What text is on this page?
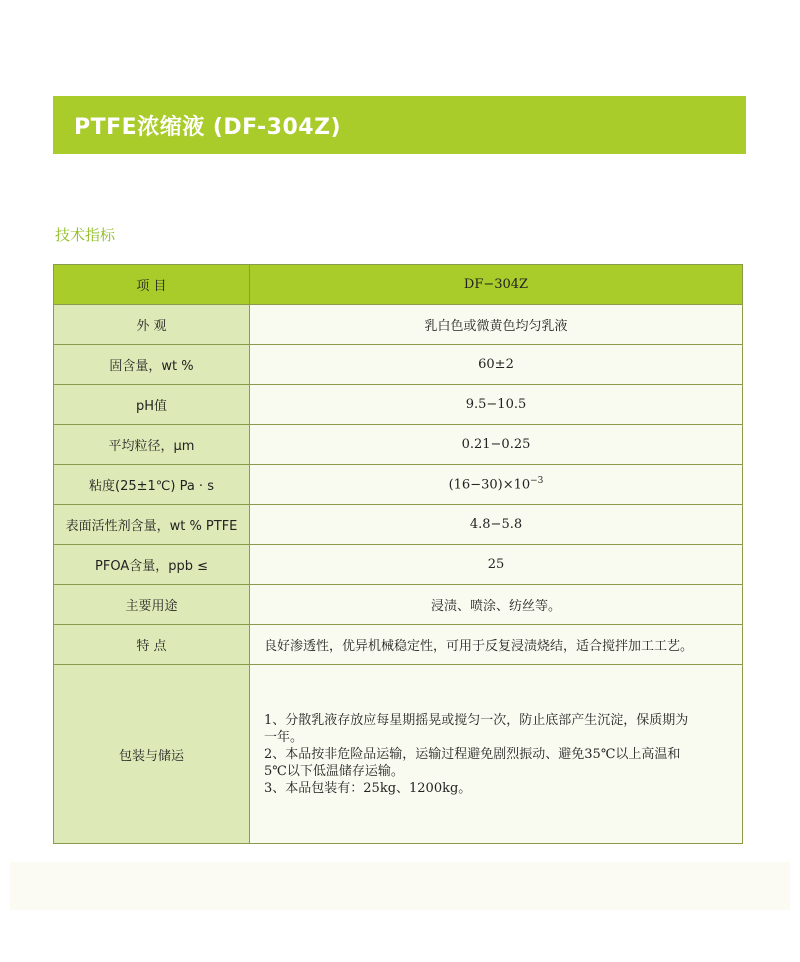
PTFE浓缩液 (DF-304Z)
技术指标
项 目	DF−304Z
外 观	乳白色或微黄色均匀乳液
固含量，wt %	60±2
pH值	9.5−10.5
平均粒径，μm	0.21−0.25
粘度(25±1℃) Pa · s	$(16-30)\times 10^{-3}$
表面活性剂含量，wt % PTFE	4.8−5.8
PFOA含量，ppb ≤	25
主要用途	浸渍、喷涂、纺丝等。
特 点	良好渗透性，优异机械稳定性，可用于反复浸渍烧结，适合搅拌加工工艺。
包装与储运	1、分散乳液存放应每星期摇晃或搅匀一次，防止底部产生沉淀，保质期为
一年。
2、本品按非危险品运输，运输过程避免剧烈振动、避免35℃以上高温和
5℃以下低温储存运输。
3、本品包装有：25kg、1200kg。
